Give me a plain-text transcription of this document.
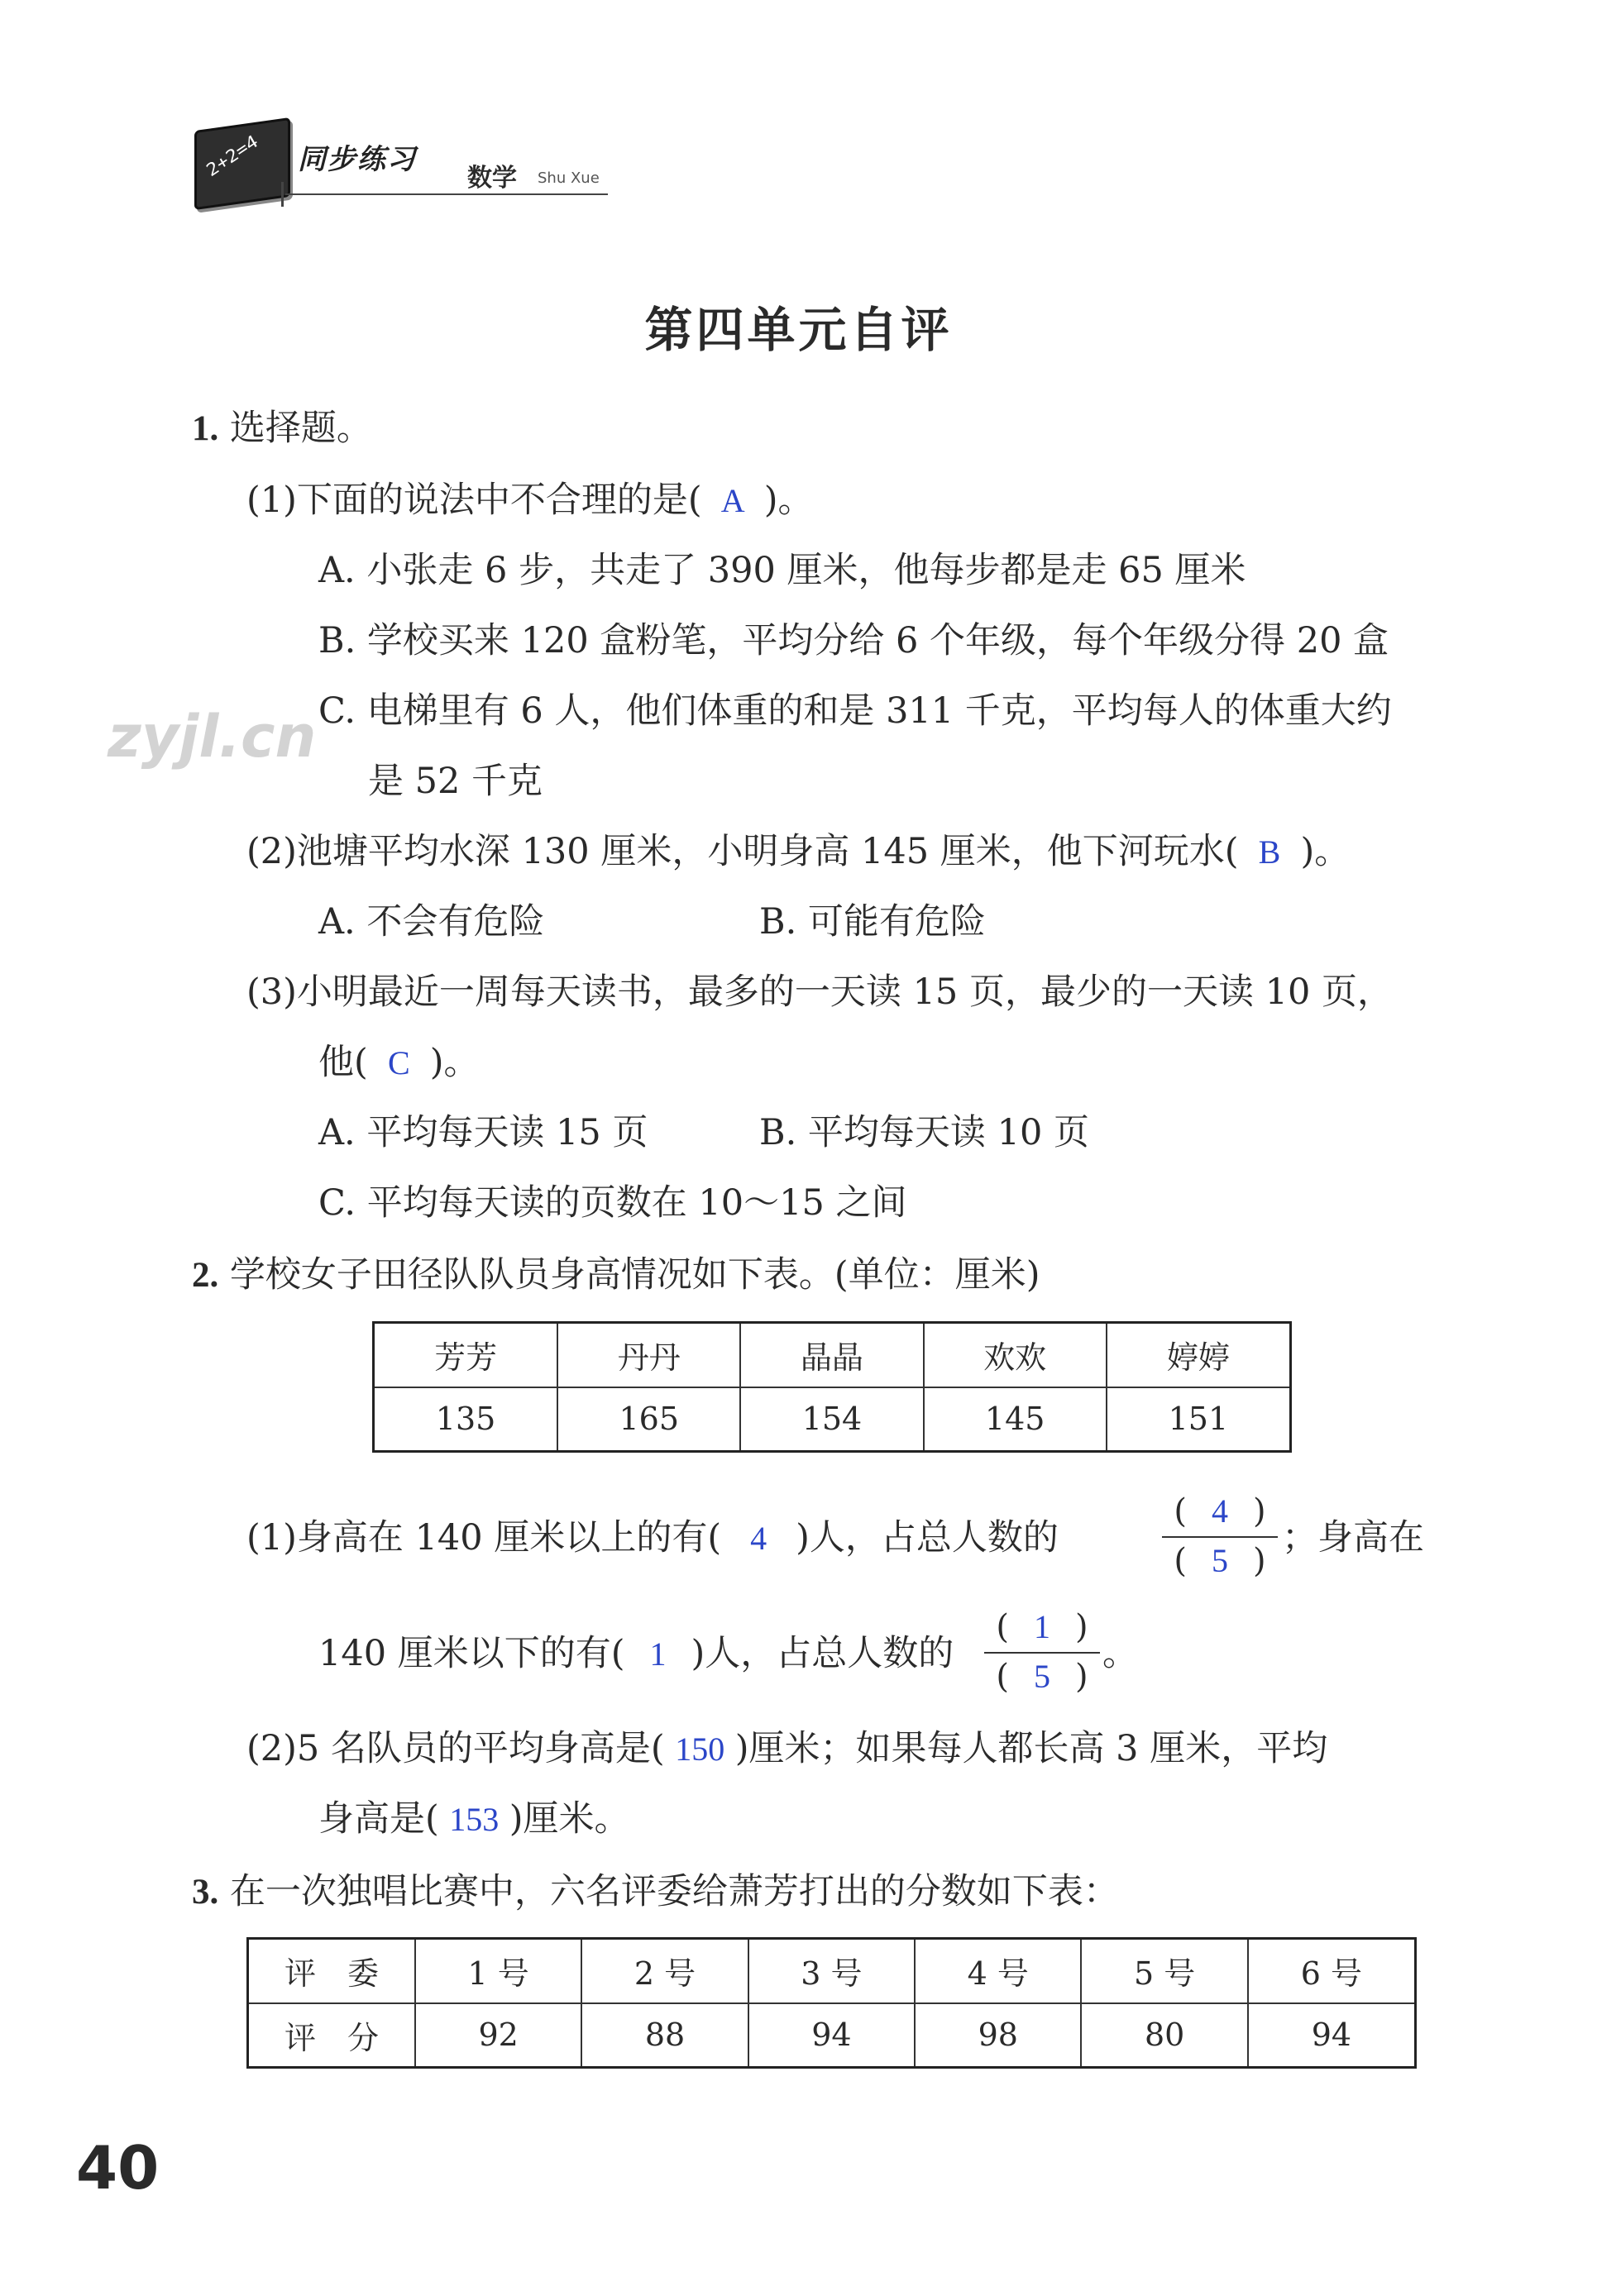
2+2=4 同步练习
数学 Shu Xue
第四单元自评
zyjl.cn
1. 选择题。
(1)下面的说法中不合理的是( A )。
A. 小张走 6 步，共走了 390 厘米，他每步都是走 65 厘米
B. 学校买来 120 盒粉笔，平均分给 6 个年级，每个年级分得 20 盒
C. 电梯里有 6 人，他们体重的和是 311 千克，平均每人的体重大约
是 52 千克
(2)池塘平均水深 130 厘米，小明身高 145 厘米，他下河玩水( B )。
A. 不会有危险	B. 可能有危险
(3)小明最近一周每天读书，最多的一天读 15 页，最少的一天读 10 页，
他( C )。
A. 平均每天读 15 页	B. 平均每天读 10 页
C. 平均每天读的页数在 10～15 之间
2. 学校女子田径队队员身高情况如下表。(单位：厘米)
芳芳	丹丹	晶晶	欢欢	婷婷
135	165	154	145	151
(1)身高在 140 厘米以上的有( 4 )人，占总人数的
( 4 )
( 5 )
；身高在
140 厘米以下的有( 1 )人，占总人数的
( 1 )
( 5 )
。
(2)5 名队员的平均身高是( 150 )厘米；如果每人都长高 3 厘米，平均
身高是( 153 )厘米。
3. 在一次独唱比赛中，六名评委给萧芳打出的分数如下表：
评　委	1 号	2 号	3 号	4 号	5 号	6 号
评　分	92	88	94	98	80	94
40
